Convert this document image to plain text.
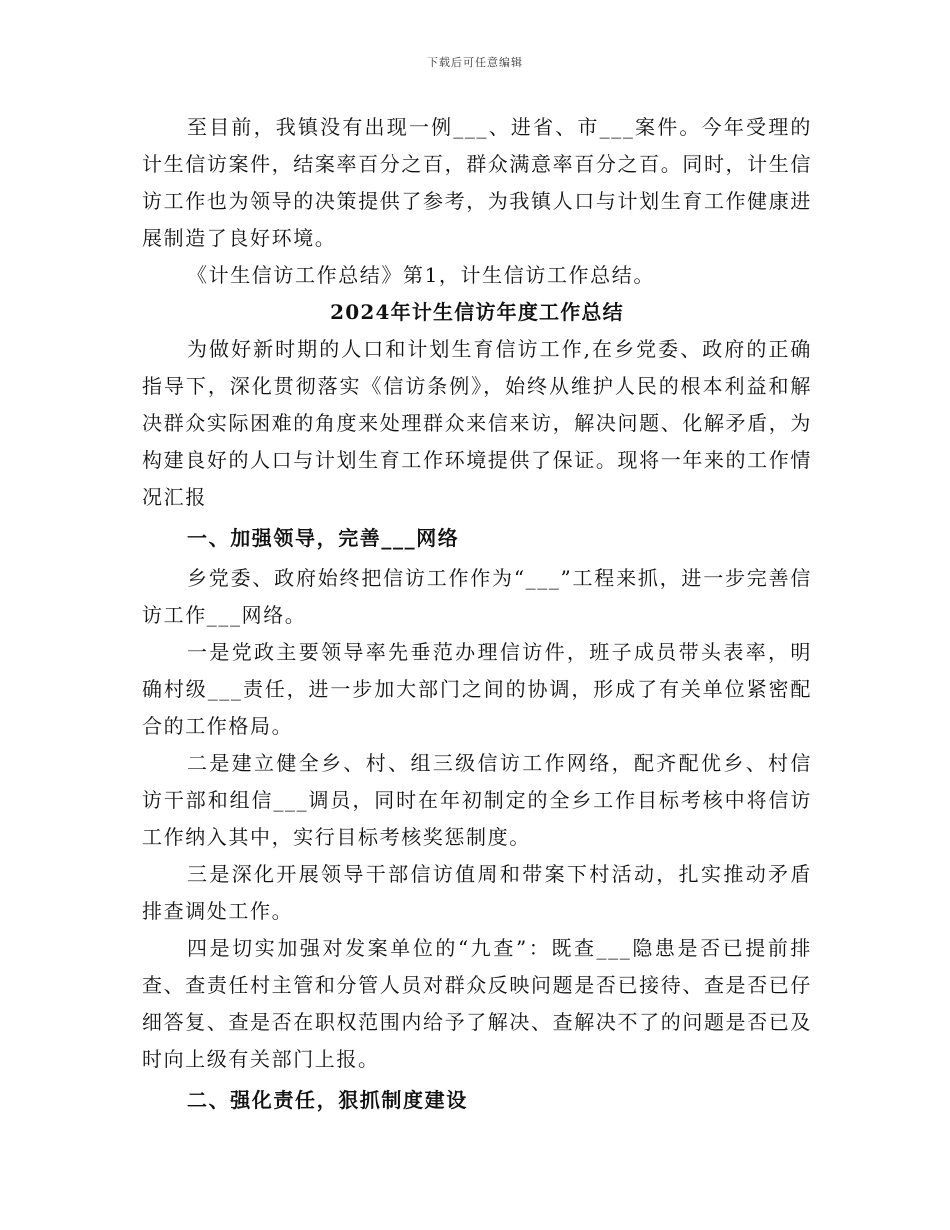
下载后可任意编辑

至目前，我镇没有出现一例___、进省、市___案件。今年受理的计生信访案件，结案率百分之百，群众满意率百分之百。同时，计生信访工作也为领导的决策提供了参考，为我镇人口与计划生育工作健康进展制造了良好环境。

《计生信访工作总结》第1，计生信访工作总结。

2024年计生信访年度工作总结

为做好新时期的人口和计划生育信访工作,在乡党委、政府的正确指导下，深化贯彻落实《信访条例》，始终从维护人民的根本利益和解决群众实际困难的角度来处理群众来信来访，解决问题、化解矛盾，为构建良好的人口与计划生育工作环境提供了保证。现将一年来的工作情况汇报

一、加强领导，完善___网络

乡党委、政府始终把信访工作作为“___”工程来抓，进一步完善信访工作___网络。

一是党政主要领导率先垂范办理信访件，班子成员带头表率，明确村级___责任，进一步加大部门之间的协调，形成了有关单位紧密配合的工作格局。

二是建立健全乡、村、组三级信访工作网络，配齐配优乡、村信访干部和组信___调员，同时在年初制定的全乡工作目标考核中将信访工作纳入其中，实行目标考核奖惩制度。

三是深化开展领导干部信访值周和带案下村活动，扎实推动矛盾排查调处工作。

四是切实加强对发案单位的“九查”：既查___隐患是否已提前排查、查责任村主管和分管人员对群众反映问题是否已接待、查是否已仔细答复、查是否在职权范围内给予了解决、查解决不了的问题是否已及时向上级有关部门上报。

二、强化责任，狠抓制度建设
